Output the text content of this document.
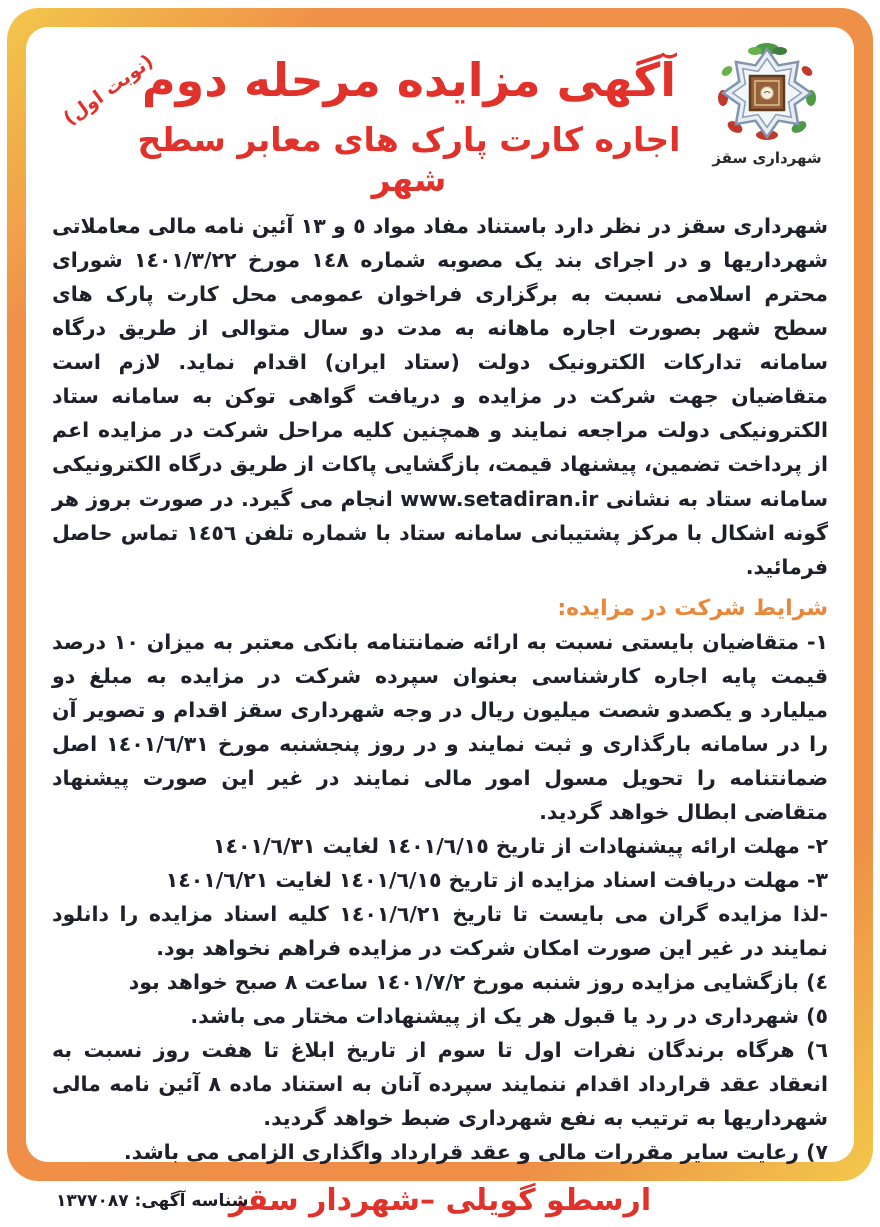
(نوبت اول)
شهرداری سقز
آگهی مزایده مرحله دوم
اجاره کارت پارک های معابر سطح شهر
شهرداری سقز در نظر دارد باستناد مفاد مواد ٥ و ١٣ آئین نامه مالی معاملاتی شهرداریها و در اجرای بند یک مصوبه شماره ١٤٨ مورخ ١٤٠١/٣/٢٢ شورای محترم اسلامی نسبت به برگزاری فراخوان عمومی محل کارت پارک های سطح شهر بصورت اجاره ماهانه به مدت دو سال متوالی از طریق درگاه سامانه تدارکات الکترونیک دولت (ستاد ایران) اقدام نماید. لازم است متقاضیان جهت شرکت در مزایده و دریافت گواهی توکن به سامانه ستاد الکترونیکی دولت مراجعه نمایند و همچنین کلیه مراحل شرکت در مزایده اعم از پرداخت تضمین، پیشنهاد قیمت، بازگشایی پاکات از طریق درگاه الکترونیکی سامانه ستاد به نشانی www.setadiran.ir انجام می گیرد. در صورت بروز هر گونه اشکال با مرکز پشتیبانی سامانه ستاد با شماره تلفن ١٤٥٦ تماس حاصل فرمائید.
شرایط شرکت در مزایده:

١- متقاضیان بایستی نسبت به ارائه ضمانتنامه بانکی معتبر به میزان ١٠ درصد قیمت پایه اجاره کارشناسی بعنوان سپرده شرکت در مزایده به مبلغ دو میلیارد و یکصدو شصت میلیون ریال در وجه شهرداری سقز اقدام و تصویر آن را در سامانه بارگذاری و ثبت نمایند و در روز پنجشنبه مورخ ١٤٠١/٦/٣١ اصل ضمانتنامه را تحویل مسول امور مالی نمایند در غیر این صورت پیشنهاد متقاضی ابطال خواهد گردید.

٢- مهلت ارائه پیشنهادات از تاریخ ١٤٠١/٦/١٥ لغایت ١٤٠١/٦/٣١

٣- مهلت دریافت اسناد مزایده از تاریخ ١٤٠١/٦/١٥ لغایت ١٤٠١/٦/٢١

-لذا مزایده گران می بایست تا تاریخ ١٤٠١/٦/٢١ کلیه اسناد مزایده را دانلود نمایند در غیر این صورت امکان شرکت در مزایده فراهم نخواهد بود.

٤) بازگشایی مزایده روز شنبه مورخ ١٤٠١/٧/٢ ساعت ٨ صبح خواهد بود

٥) شهرداری در رد یا قبول هر یک از پیشنهادات مختار می باشد.

٦) هرگاه برندگان نفرات اول تا سوم از تاریخ ابلاغ تا هفت روز نسبت به انعقاد عقد قرارداد اقدام ننمایند سپرده آنان به استناد ماده ٨ آئین نامه مالی شهرداریها به ترتیب به نفع شهرداری ضبط خواهد گردید.

٧) رعایت سایر مقررات مالی و عقد قرارداد واگذاری الزامی می باشد.

ارسطو گویلی –شهردار سقز
شناسه آگهی: ١٣٧٧٠٨٧
